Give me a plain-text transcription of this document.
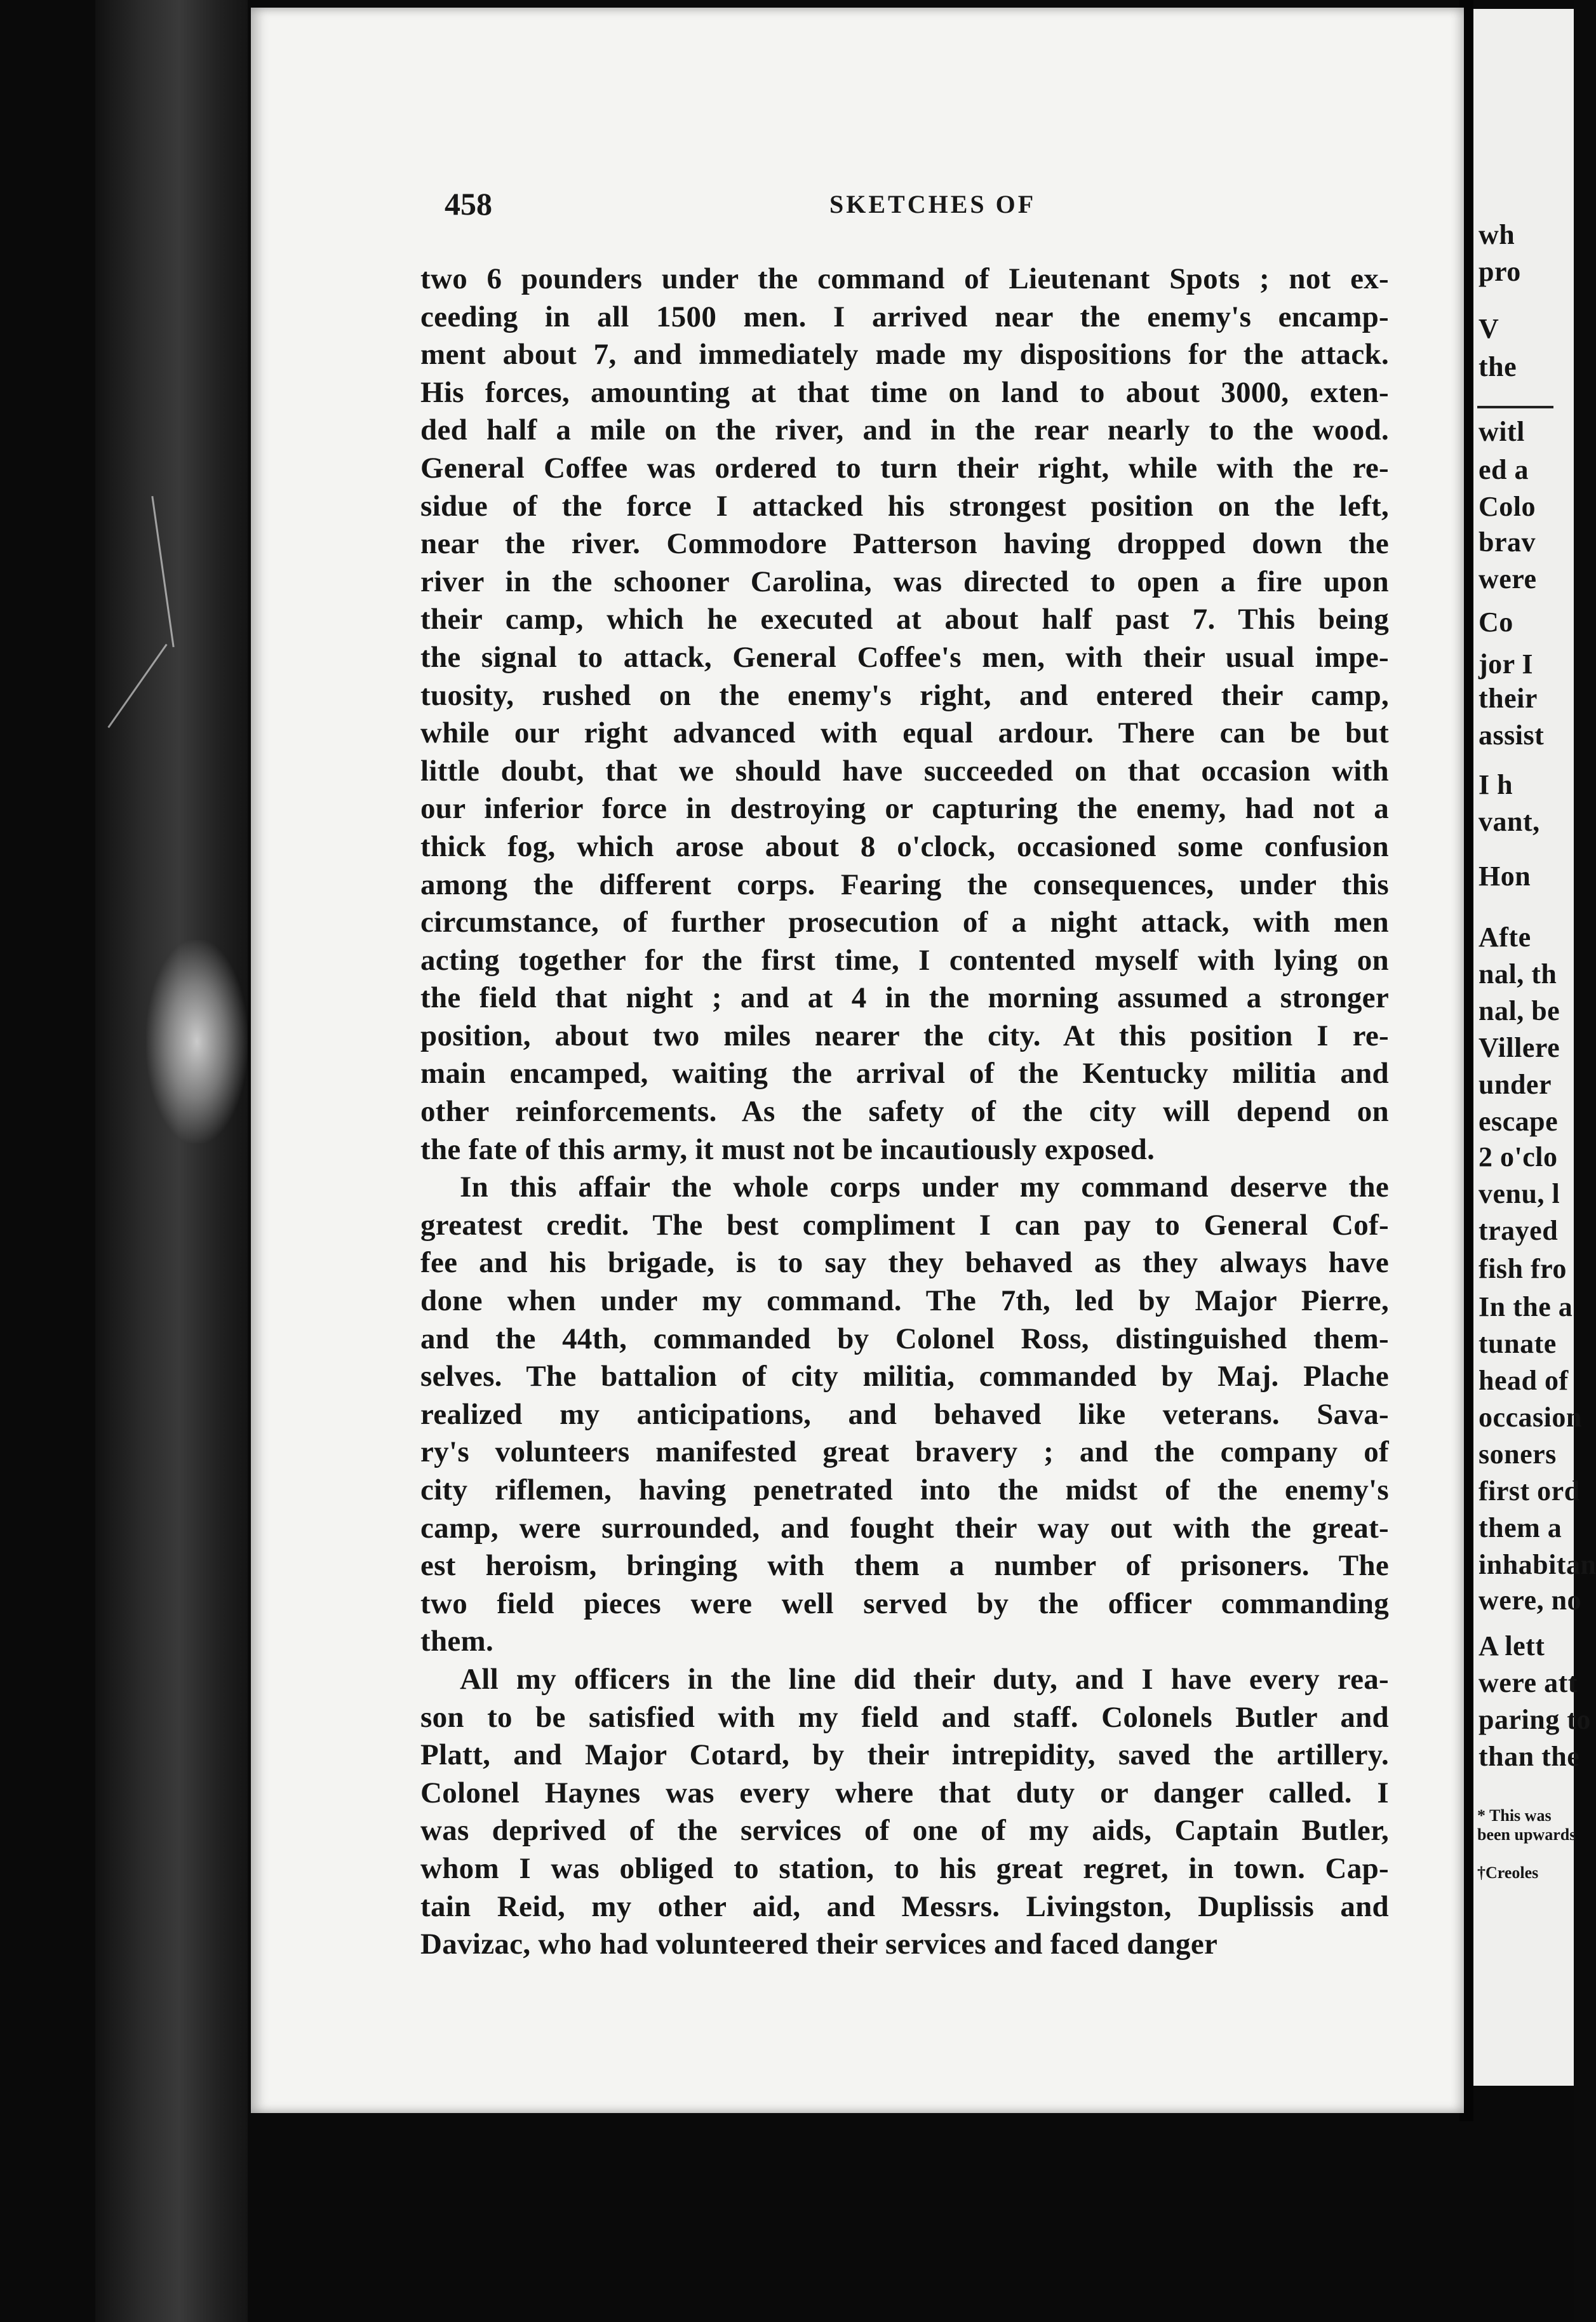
wh
pro
V
the
witl
ed a
Colo
brav
were
Co
jor I
their
assist
I h
vant,
Hon
Afte
nal, th
nal, be
Villere
under
escape
2 o'clo
venu, l
trayed
fish fro
In the a
tunate
head of
occasion
soners
first ord
them a
inhabitan
were, no
A lett
were att
paring to
than the
* This was
been upwards
†Creoles
458	SKETCHES OF
two 6 pounders under the command of Lieutenant Spots ; not ex-
ceeding in all 1500 men. I arrived near the enemy's encamp-
ment about 7, and immediately made my dispositions for the attack.
His forces, amounting at that time on land to about 3000, exten-
ded half a mile on the river, and in the rear nearly to the wood.
General Coffee was ordered to turn their right, while with the re-
sidue of the force I attacked his strongest position on the left,
near the river. Commodore Patterson having dropped down the
river in the schooner Carolina, was directed to open a fire upon
their camp, which he executed at about half past 7. This being
the signal to attack, General Coffee's men, with their usual impe-
tuosity, rushed on the enemy's right, and entered their camp,
while our right advanced with equal ardour. There can be but
little doubt, that we should have succeeded on that occasion with
our inferior force in destroying or capturing the enemy, had not a
thick fog, which arose about 8 o'clock, occasioned some confusion
among the different corps. Fearing the consequences, under this
circumstance, of further prosecution of a night attack, with men
acting together for the first time, I contented myself with lying on
the field that night ; and at 4 in the morning assumed a stronger
position, about two miles nearer the city. At this position I re-
main encamped, waiting the arrival of the Kentucky militia and
other reinforcements. As the safety of the city will depend on
the fate of this army, it must not be incautiously exposed.
In this affair the whole corps under my command deserve the
greatest credit. The best compliment I can pay to General Cof-
fee and his brigade, is to say they behaved as they always have
done when under my command. The 7th, led by Major Pierre,
and the 44th, commanded by Colonel Ross, distinguished them-
selves. The battalion of city militia, commanded by Maj. Plache
realized my anticipations, and behaved like veterans. Sava-
ry's volunteers manifested great bravery ; and the company of
city riflemen, having penetrated into the midst of the enemy's
camp, were surrounded, and fought their way out with the great-
est heroism, bringing with them a number of prisoners. The
two field pieces were well served by the officer commanding
them.
All my officers in the line did their duty, and I have every rea-
son to be satisfied with my field and staff. Colonels Butler and
Platt, and Major Cotard, by their intrepidity, saved the artillery.
Colonel Haynes was every where that duty or danger called. I
was deprived of the services of one of my aids, Captain Butler,
whom I was obliged to station, to his great regret, in town. Cap-
tain Reid, my other aid, and Messrs. Livingston, Duplissis and
Davizac, who had volunteered their services and faced danger
